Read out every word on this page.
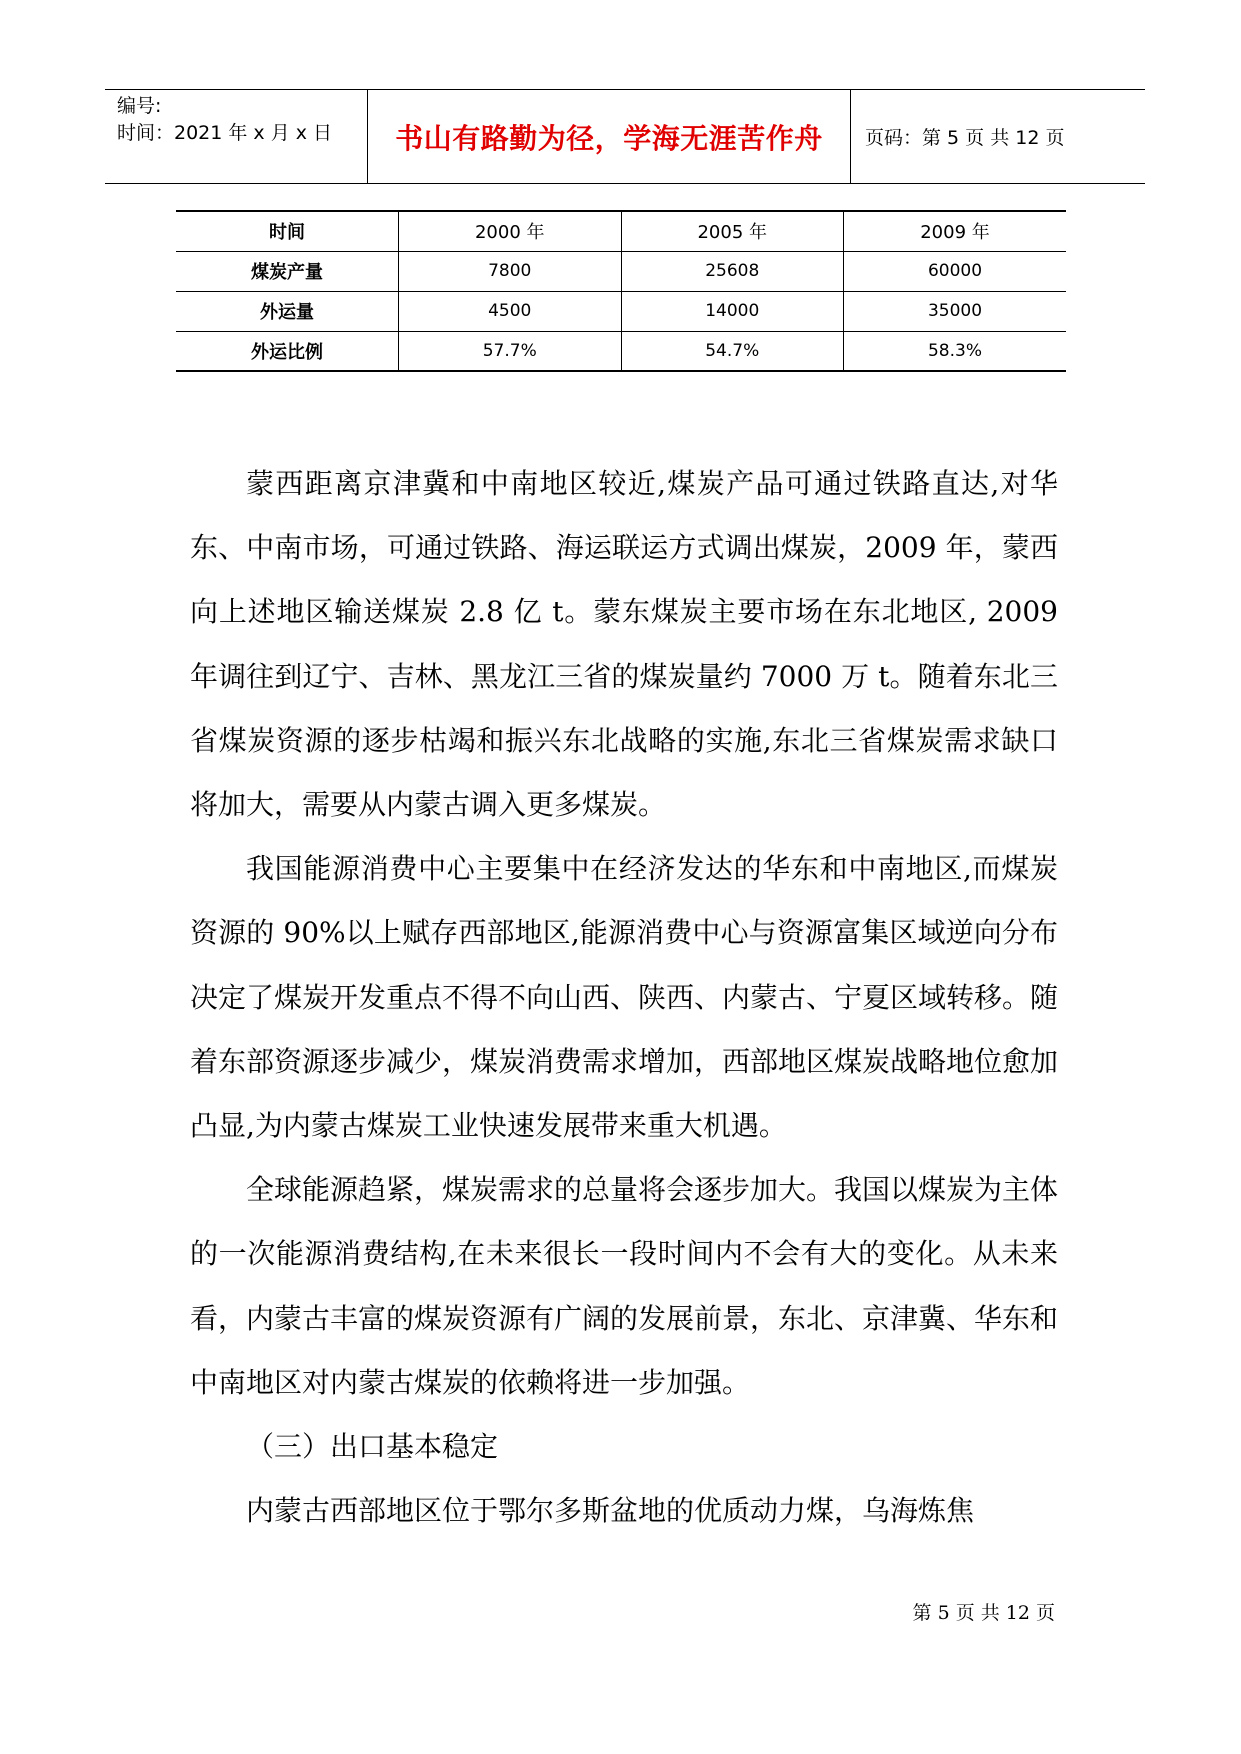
编号:
时间：2021 年 x 月 x 日 书山有路勤为径，学海无涯苦作舟	页码：第 5 页 共 12 页
时间	2000 年	2005 年	2009 年
煤炭产量	7800	25608	60000
外运量	4500	14000	35000
外运比例	57.7%	54.7%	58.3%

蒙西距离京津冀和中南地区较近,煤炭产品可通过铁路直达,对华东、中南市场，可通过铁路、海运联运方式调出煤炭，2009 年，蒙西向上述地区输送煤炭 2.8 亿 t。蒙东煤炭主要市场在东北地区, 2009 年调往到辽宁、吉林、黑龙江三省的煤炭量约 7000 万 t。随着东北三省煤炭资源的逐步枯竭和振兴东北战略的实施,东北三省煤炭需求缺口将加大，需要从内蒙古调入更多煤炭。

我国能源消费中心主要集中在经济发达的华东和中南地区,而煤炭资源的 90%以上赋存西部地区,能源消费中心与资源富集区域逆向分布决定了煤炭开发重点不得不向山西、陕西、内蒙古、宁夏区域转移。随着东部资源逐步减少，煤炭消费需求增加，西部地区煤炭战略地位愈加凸显,为内蒙古煤炭工业快速发展带来重大机遇。

全球能源趋紧，煤炭需求的总量将会逐步加大。我国以煤炭为主体的一次能源消费结构,在未来很长一段时间内不会有大的变化。从未来看，内蒙古丰富的煤炭资源有广阔的发展前景，东北、京津冀、华东和中南地区对内蒙古煤炭的依赖将进一步加强。

（三）出口基本稳定

内蒙古西部地区位于鄂尔多斯盆地的优质动力煤，乌海炼焦

第 5 页 共 12 页
